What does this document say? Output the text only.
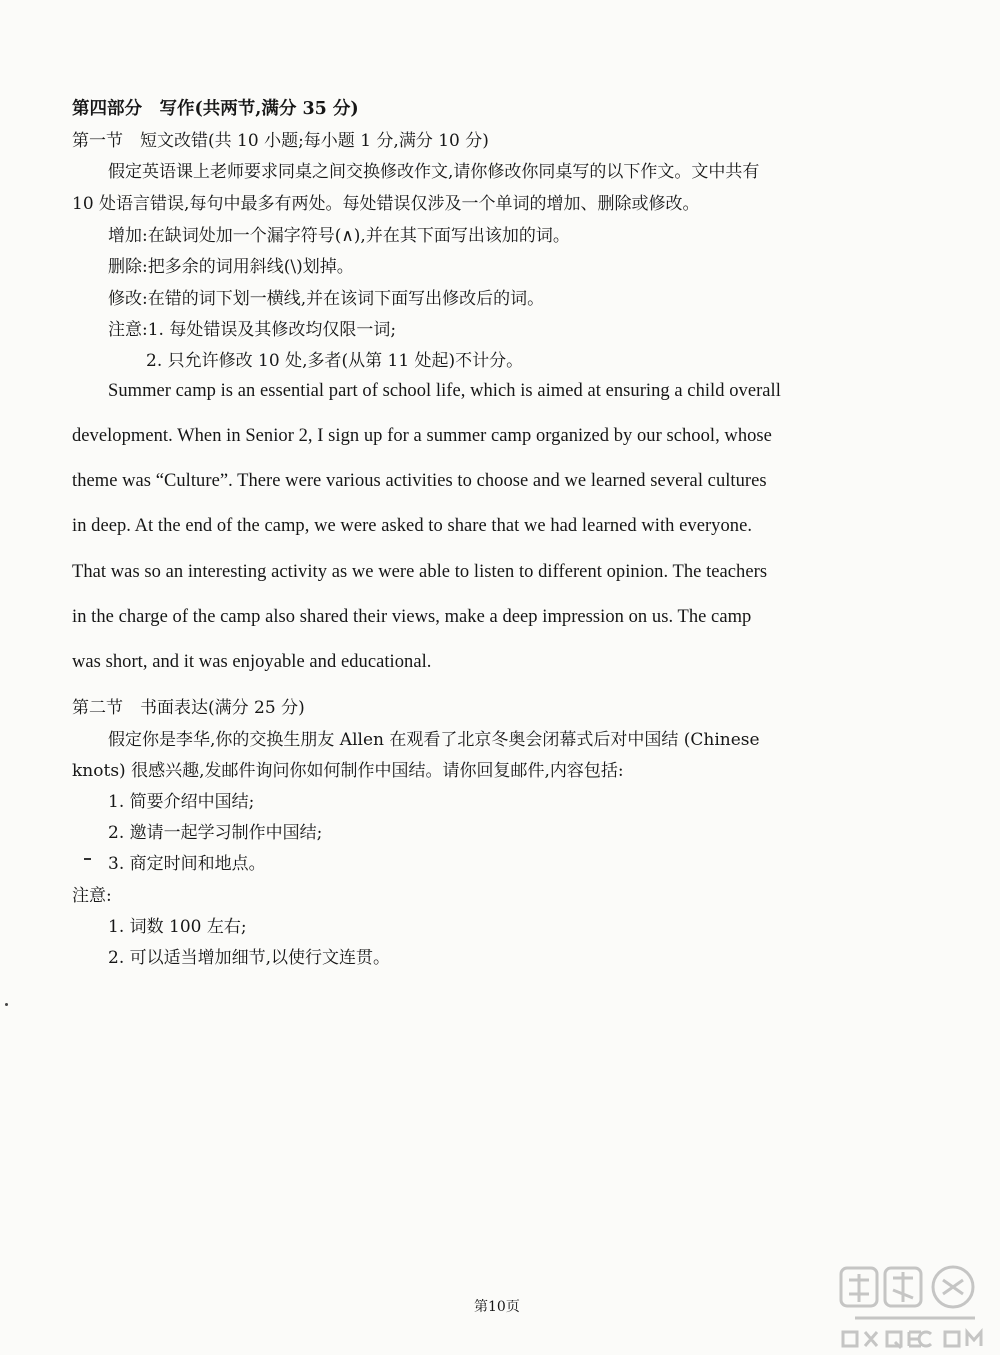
第四部分　写作(共两节,满分 35 分)
第一节　短文改错(共 10 小题;每小题 1 分,满分 10 分)
假定英语课上老师要求同桌之间交换修改作文,请你修改你同桌写的以下作文。文中共有
10 处语言错误,每句中最多有两处。每处错误仅涉及一个单词的增加、删除或修改。
增加:在缺词处加一个漏字符号(∧),并在其下面写出该加的词。
删除:把多余的词用斜线(\)划掉。
修改:在错的词下划一横线,并在该词下面写出修改后的词。
注意:1. 每处错误及其修改均仅限一词;
2. 只允许修改 10 处,多者(从第 11 处起)不计分。
Summer camp is an essential part of school life, which is aimed at ensuring a child overall
development. When in Senior 2, I sign up for a summer camp organized by our school, whose
theme was “Culture”. There were various activities to choose and we learned several cultures
in deep. At the end of the camp, we were asked to share that we had learned with everyone.
That was so an interesting activity as we were able to listen to different opinion. The teachers
in the charge of the camp also shared their views, make a deep impression on us. The camp
was short, and it was enjoyable and educational.
第二节　书面表达(满分 25 分)
假定你是李华,你的交换生朋友 Allen 在观看了北京冬奥会闭幕式后对中国结 (Chinese
knots) 很感兴趣,发邮件询问你如何制作中国结。请你回复邮件,内容包括:
1. 简要介绍中国结;
2. 邀请一起学习制作中国结;
3. 商定时间和地点。
注意:
1. 词数 100 左右;
2. 可以适当增加细节,以使行文连贯。
第10页
